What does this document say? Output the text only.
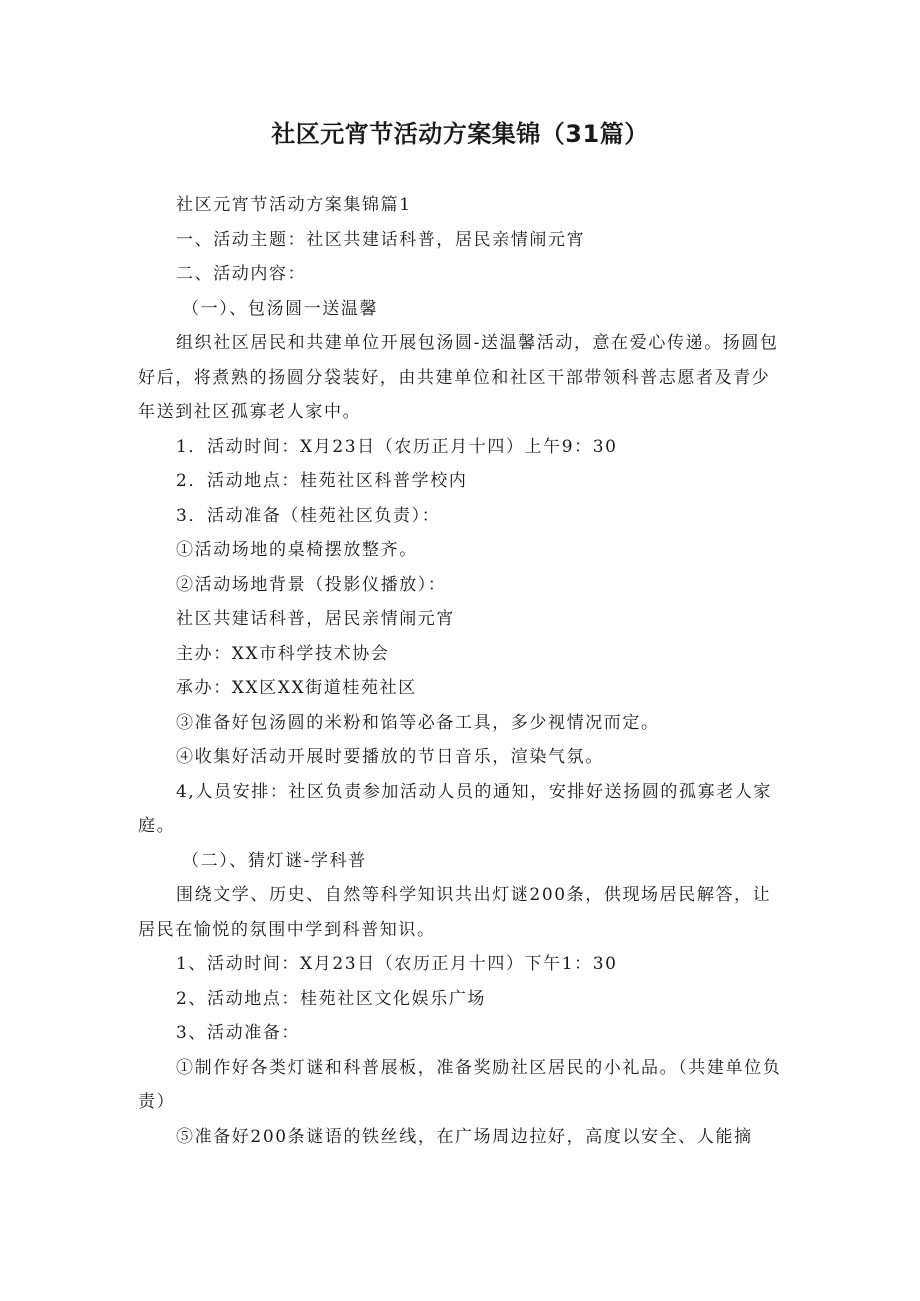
社区元宵节活动方案集锦（31篇）

社区元宵节活动方案集锦篇1

一、活动主题：社区共建话科普，居民亲情闹元宵

二、活动内容：

（一）、包汤圆一送温馨

组织社区居民和共建单位开展包汤圆-送温馨活动，意在爱心传递。扬圆包好后，将煮熟的扬圆分袋装好，由共建单位和社区干部带领科普志愿者及青少年送到社区孤寡老人家中。

1．活动时间：X月23日（农历正月十四）上午9：30

2．活动地点：桂苑社区科普学校内

3．活动准备（桂苑社区负责）：

①活动场地的桌椅摆放整齐。

②活动场地背景（投影仪播放）：

社区共建话科普，居民亲情闹元宵

主办：XX市科学技术协会

承办：XX区XX街道桂苑社区

③准备好包汤圆的米粉和馅等必备工具，多少视情况而定。

④收集好活动开展时要播放的节日音乐，渲染气氛。

4,人员安排：社区负责参加活动人员的通知，安排好送扬圆的孤寡老人家庭。

（二）、猜灯谜-学科普

围绕文学、历史、自然等科学知识共出灯谜200条，供现场居民解答，让居民在愉悦的氛围中学到科普知识。

1、活动时间：X月23日（农历正月十四）下午1：30

2、活动地点：桂苑社区文化娱乐广场

3、活动准备：

①制作好各类灯谜和科普展板，准备奖励社区居民的小礼品。（共建单位负责）

⑤准备好200条谜语的铁丝线，在广场周边拉好，高度以安全、人能摘
